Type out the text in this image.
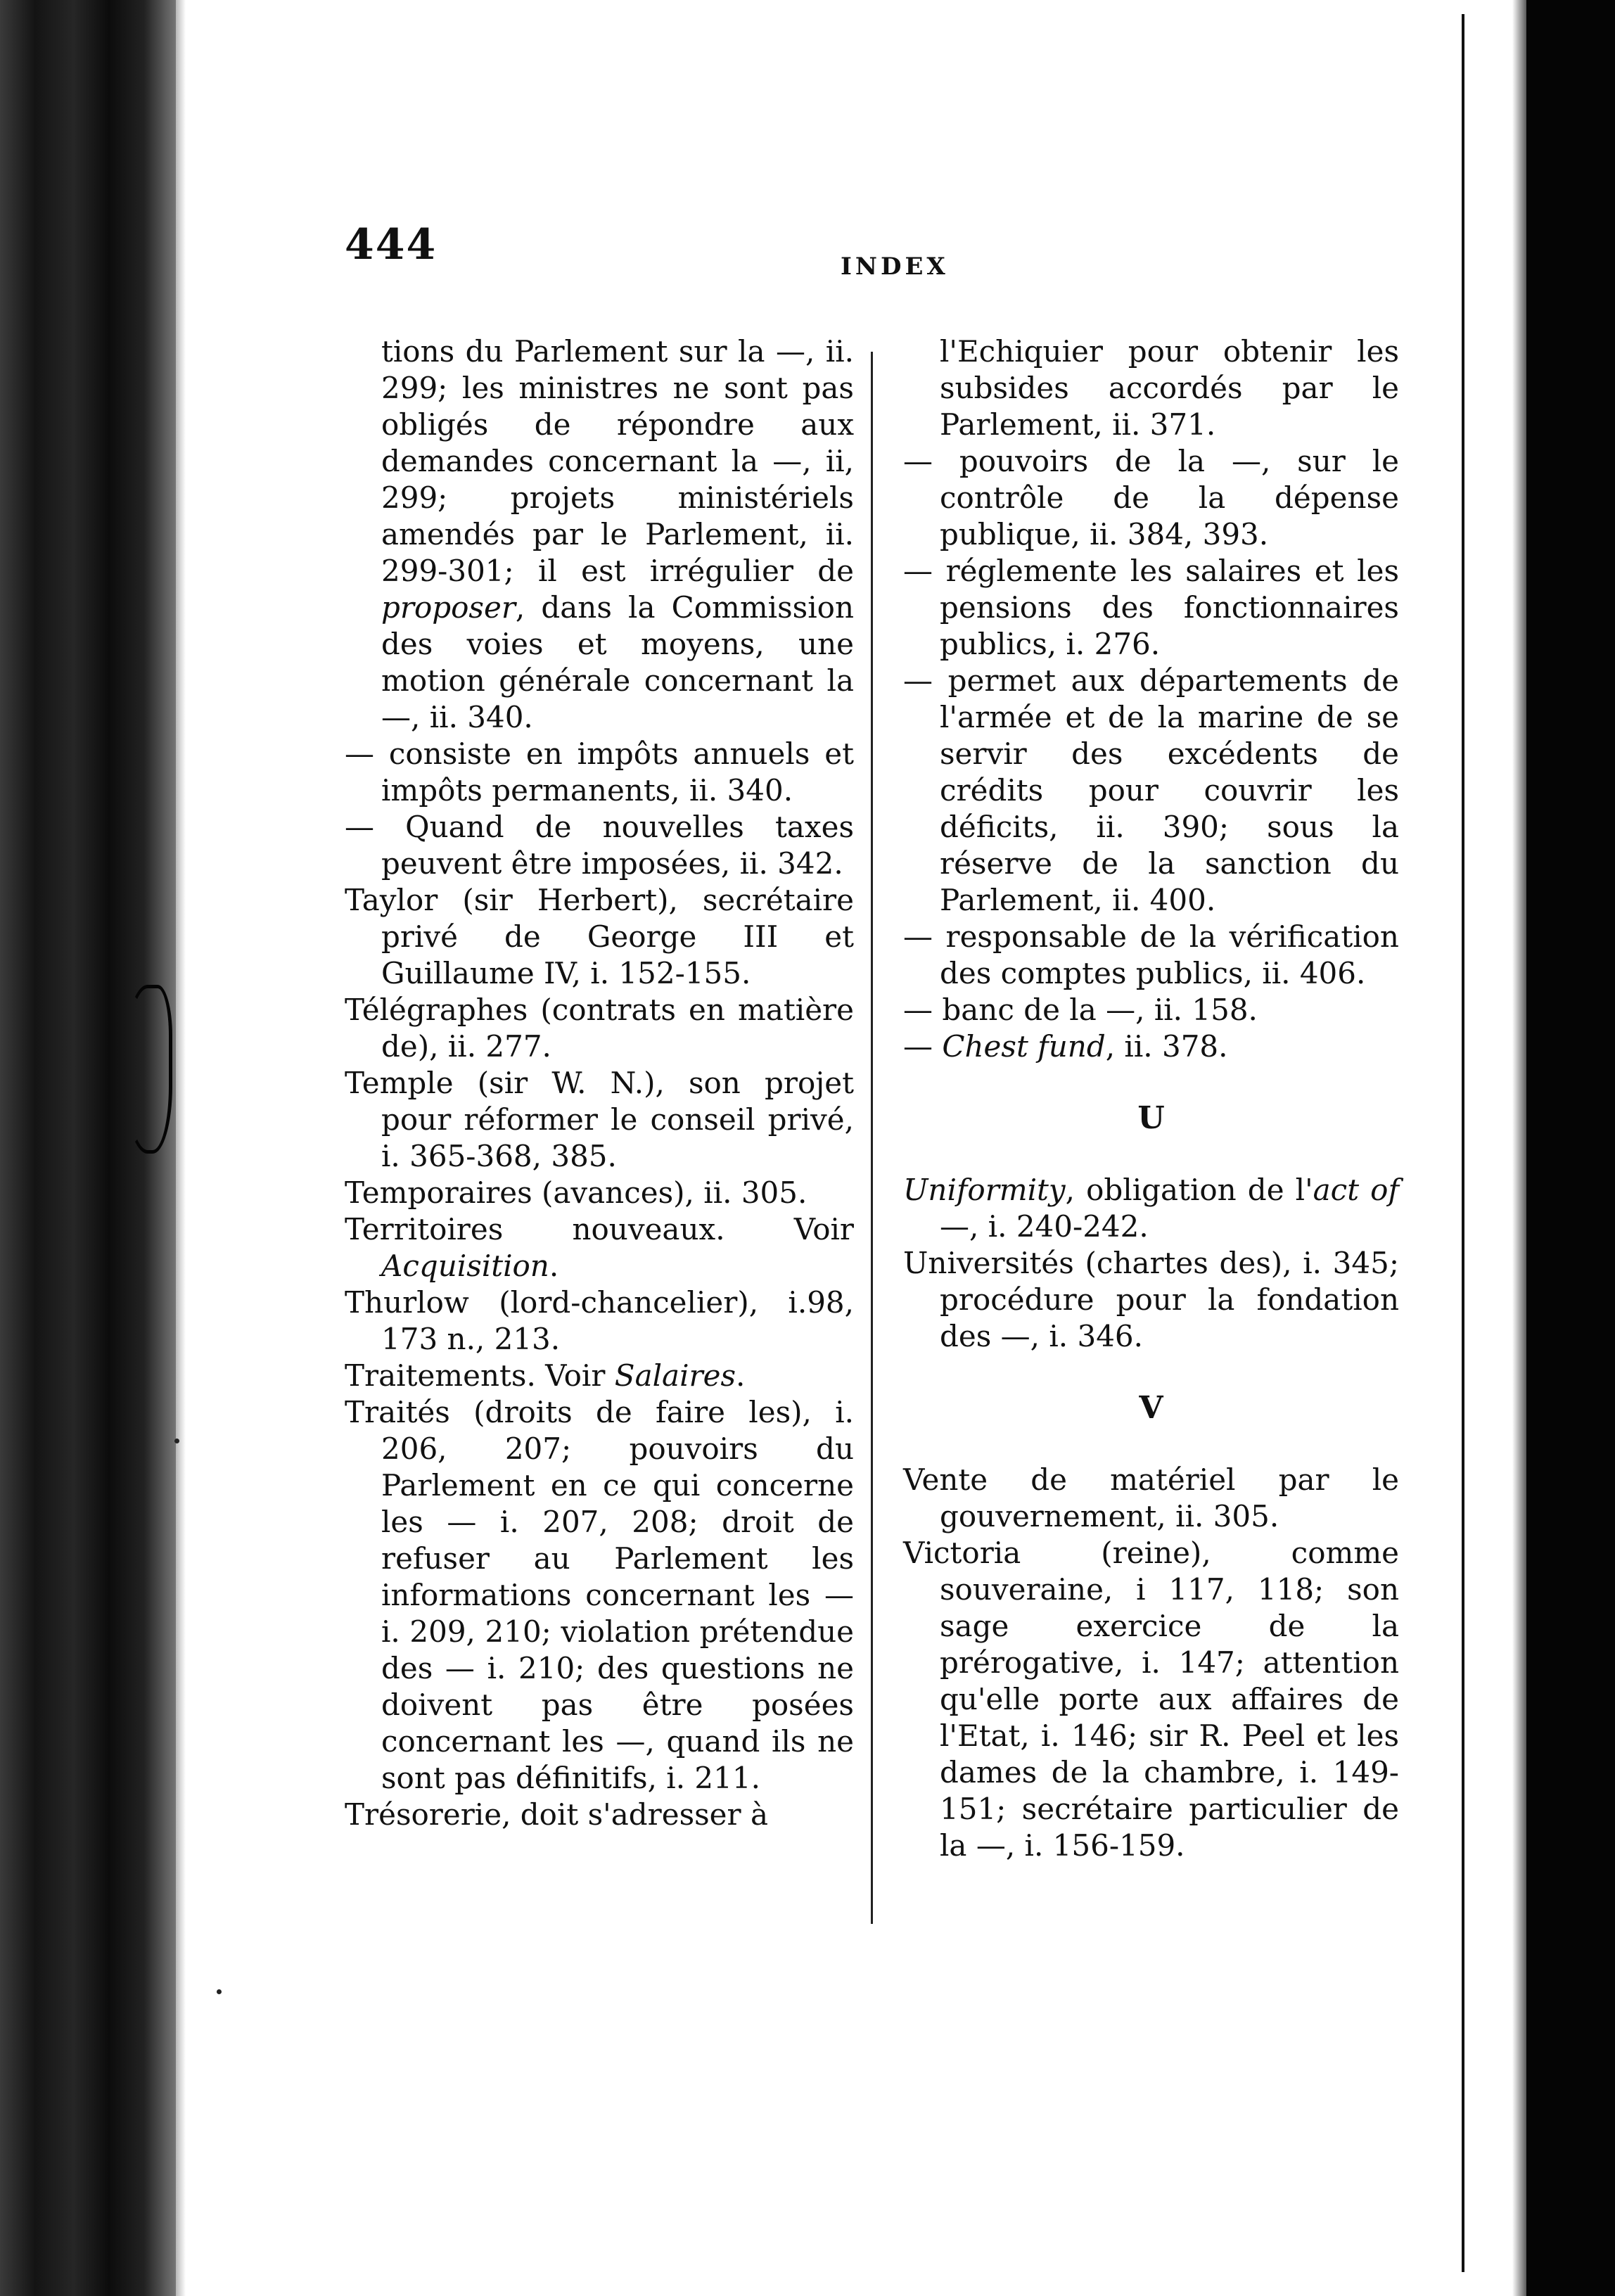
444	INDEX

tions du Parlement sur la —, ii. 299; les ministres ne sont pas obligés de répondre aux demandes concernant la —, ii, 299; projets ministériels amendés par le Parlement, ii. 299-301; il est irrégulier de proposer, dans la Commission des voies et moyens, une motion générale concernant la —, ii. 340.

— consiste en impôts annuels et impôts permanents, ii. 340.

— Quand de nouvelles taxes peuvent être imposées, ii. 342.

Taylor (sir Herbert), secrétaire privé de George III et Guillaume IV, i. 152-155.

Télégraphes (contrats en matière de), ii. 277.

Temple (sir W. N.), son projet pour réformer le conseil privé, i. 365-368, 385.

Temporaires (avances), ii. 305.

Territoires nouveaux. Voir Acquisition.

Thurlow (lord-chancelier), i.98, 173 n., 213.

Traitements. Voir Salaires.

Traités (droits de faire les), i. 206, 207; pouvoirs du Parlement en ce qui concerne les — i. 207, 208; droit de refuser au Parlement les informations concernant les — i. 209, 210; violation prétendue des — i. 210; des questions ne doivent pas être posées concernant les —, quand ils ne sont pas définitifs, i. 211.

Trésorerie, doit s'adresser à

l'Echiquier pour obtenir les subsides accordés par le Parlement, ii. 371.

— pouvoirs de la —, sur le contrôle de la dépense publique, ii. 384, 393.

— réglemente les salaires et les pensions des fonctionnaires publics, i. 276.

— permet aux départements de l'armée et de la marine de se servir des excédents de crédits pour couvrir les déficits, ii. 390; sous la réserve de la sanction du Parlement, ii. 400.

— responsable de la vérification des comptes publics, ii. 406.

— banc de la —, ii. 158.

— Chest fund, ii. 378.

U

Uniformity, obligation de l'act of —, i. 240-242.

Universités (chartes des), i. 345; procédure pour la fondation des —, i. 346.

V

Vente de matériel par le gouvernement, ii. 305.

Victoria (reine), comme souveraine, i 117, 118; son sage exercice de la prérogative, i. 147; attention qu'elle porte aux affaires de l'Etat, i. 146; sir R. Peel et les dames de la chambre, i. 149-151; secrétaire particulier de la —, i. 156-159.
